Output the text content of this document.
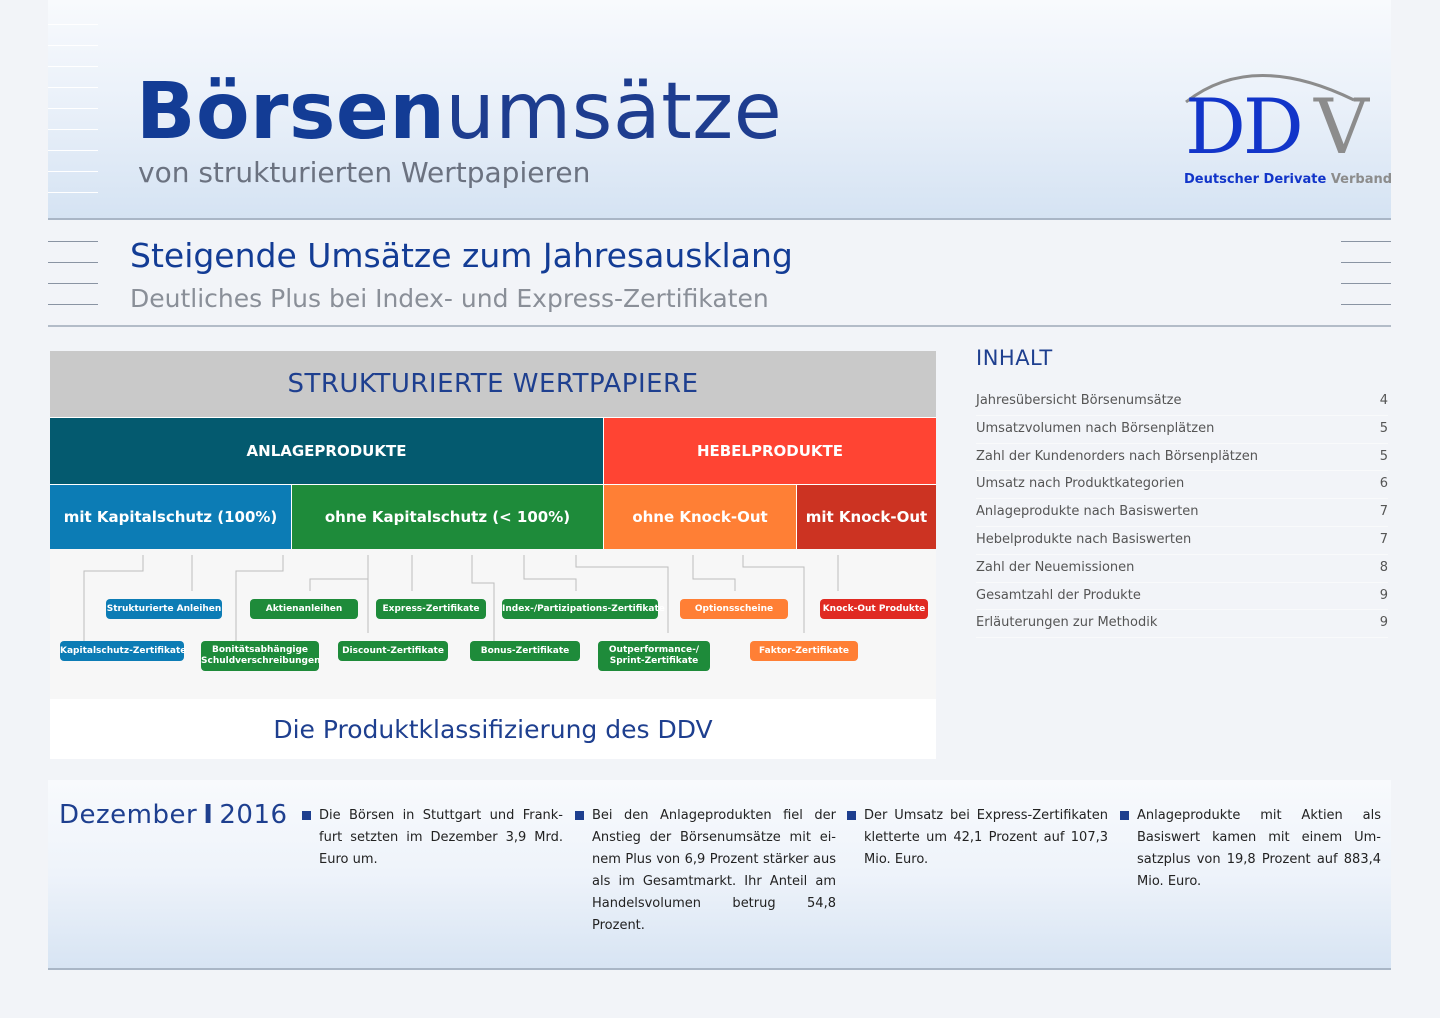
Börsenumsätze
von strukturierten Wertpapieren
DD V
Deutscher Derivate Verband
Steigende Umsätze zum Jahresausklang
Deutliches Plus bei Index- und Express-Zertifikaten
STRUKTURIERTE WERTPAPIERE
ANLAGEPRODUKTE	HEBELPRODUKTE
mit Kapitalschutz (100%)	ohne Kapitalschutz (< 100%)	ohne Knock-Out	mit Knock-Out
Strukturierte Anleihen
Kapitalschutz-Zertifikate
Aktienanleihen
Bonitätsabhängige
Schuldverschreibungen
Express-Zertifikate
Discount-Zertifikate
Index-/Partizipations-Zertifikate
Bonus-Zertifikate	Outperformance-/
Sprint-Zertifikate
Optionsscheine
Faktor-Zertifikate
Knock-Out Produkte
Die Produktklassifizierung des DDV
INHALT
Jahresübersicht Börsenumsätze	4
Umsatzvolumen nach Börsenplätzen	5
Zahl der Kundenorders nach Börsenplätzen	5
Umsatz nach Produktkategorien	6
Anlageprodukte nach Basiswerten	7
Hebelprodukte nach Basiswerten	7
Zahl der Neuemissionen	8
Gesamtzahl der Produkte	9
Erläuterungen zur Methodik	9
Dezember I 2016 Die Börsen in Stuttgart und Frank-furt setzten im Dezember 3,9 Mrd. Euro um.
Bei den Anlageprodukten fiel der Anstieg der Börsenumsätze mit ei-nem Plus von 6,9 Prozent stärker aus als im Gesamtmarkt. Ihr Anteil am Handelsvolumen betrug 54,8 Prozent.
Der Umsatz bei Express-Zertifikaten kletterte um 42,1 Prozent auf 107,3 Mio. Euro.
Anlageprodukte mit Aktien als Basiswert kamen mit einem Um-satzplus von 19,8 Prozent auf 883,4 Mio. Euro.
